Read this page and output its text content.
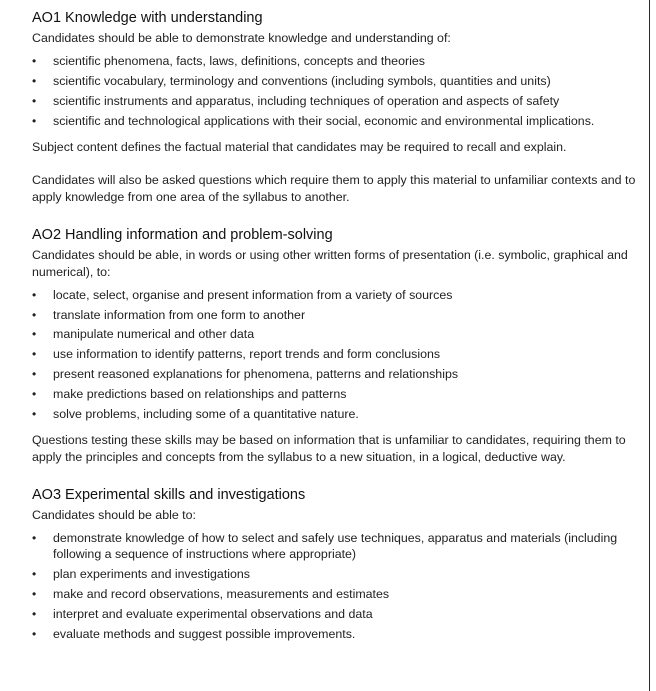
AO1 Knowledge with understanding

Candidates should be able to demonstrate knowledge and understanding of:

• scientific phenomena, facts, laws, definitions, concepts and theories
• scientific vocabulary, terminology and conventions (including symbols, quantities and units)
• scientific instruments and apparatus, including techniques of operation and aspects of safety
• scientific and technological applications with their social, economic and environmental implications.

Subject content defines the factual material that candidates may be required to recall and explain.

Candidates will also be asked questions which require them to apply this material to unfamiliar contexts and to apply knowledge from one area of the syllabus to another.

AO2 Handling information and problem-solving

Candidates should be able, in words or using other written forms of presentation (i.e. symbolic, graphical and numerical), to:

• locate, select, organise and present information from a variety of sources
• translate information from one form to another
• manipulate numerical and other data
• use information to identify patterns, report trends and form conclusions
• present reasoned explanations for phenomena, patterns and relationships
• make predictions based on relationships and patterns
• solve problems, including some of a quantitative nature.

Questions testing these skills may be based on information that is unfamiliar to candidates, requiring them to apply the principles and concepts from the syllabus to a new situation, in a logical, deductive way.

AO3 Experimental skills and investigations

Candidates should be able to:

• demonstrate knowledge of how to select and safely use techniques, apparatus and materials (including following a sequence of instructions where appropriate)
• plan experiments and investigations
• make and record observations, measurements and estimates
• interpret and evaluate experimental observations and data
• evaluate methods and suggest possible improvements.
